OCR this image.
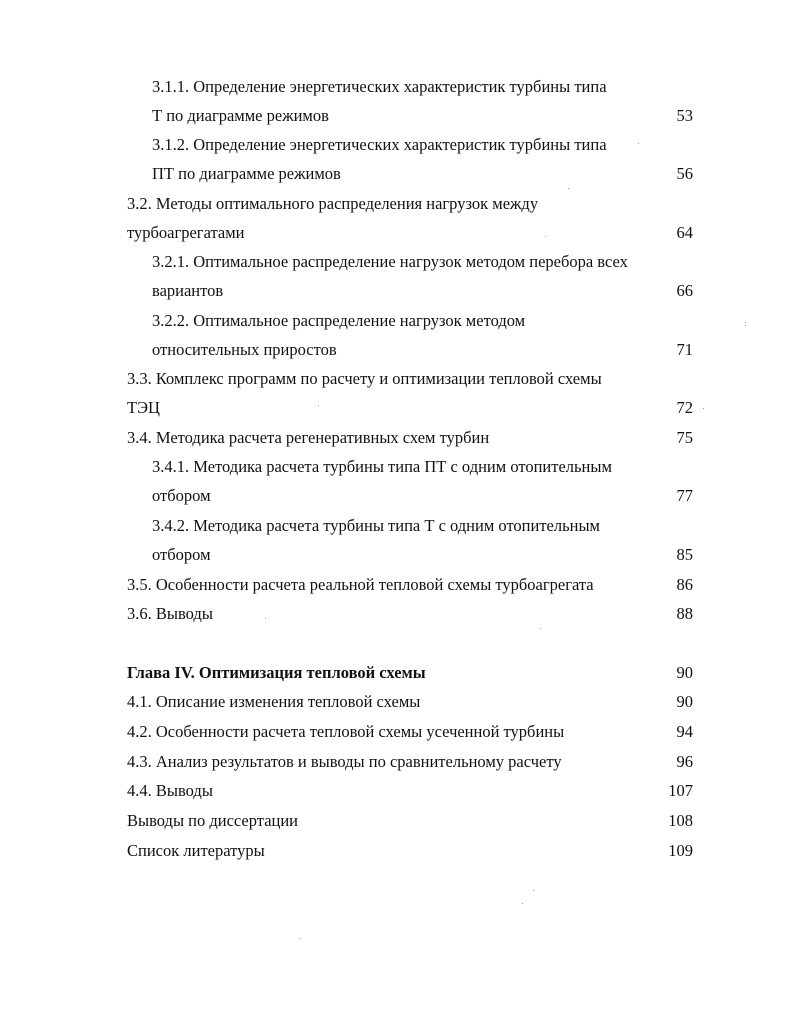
3.1.1. Определение энергетических характеристик турбины типа
Т по диаграмме режимов	53
3.1.2. Определение энергетических характеристик турбины типа
ПТ по диаграмме режимов	56
3.2. Методы оптимального распределения нагрузок между
турбоагрегатами	64
3.2.1. Оптимальное распределение нагрузок методом перебора всех
вариантов	66
3.2.2. Оптимальное распределение нагрузок методом
относительных приростов	71
3.3. Комплекс программ по расчету и оптимизации тепловой схемы
ТЭЦ	72
3.4. Методика расчета регенеративных схем турбин	75
3.4.1. Методика расчета турбины типа ПТ с одним отопительным
отбором	77
3.4.2. Методика расчета турбины типа Т с одним отопительным
отбором	85
3.5. Особенности расчета реальной тепловой схемы турбоагрегата	86
3.6. Выводы	88
Глава IV. Оптимизация тепловой схемы	90
4.1. Описание изменения тепловой схемы	90
4.2. Особенности расчета тепловой схемы усеченной турбины	94
4.3. Анализ результатов и выводы по сравнительному расчету	96
4.4. Выводы	107
Выводы по диссертации	108
Список литературы	109
